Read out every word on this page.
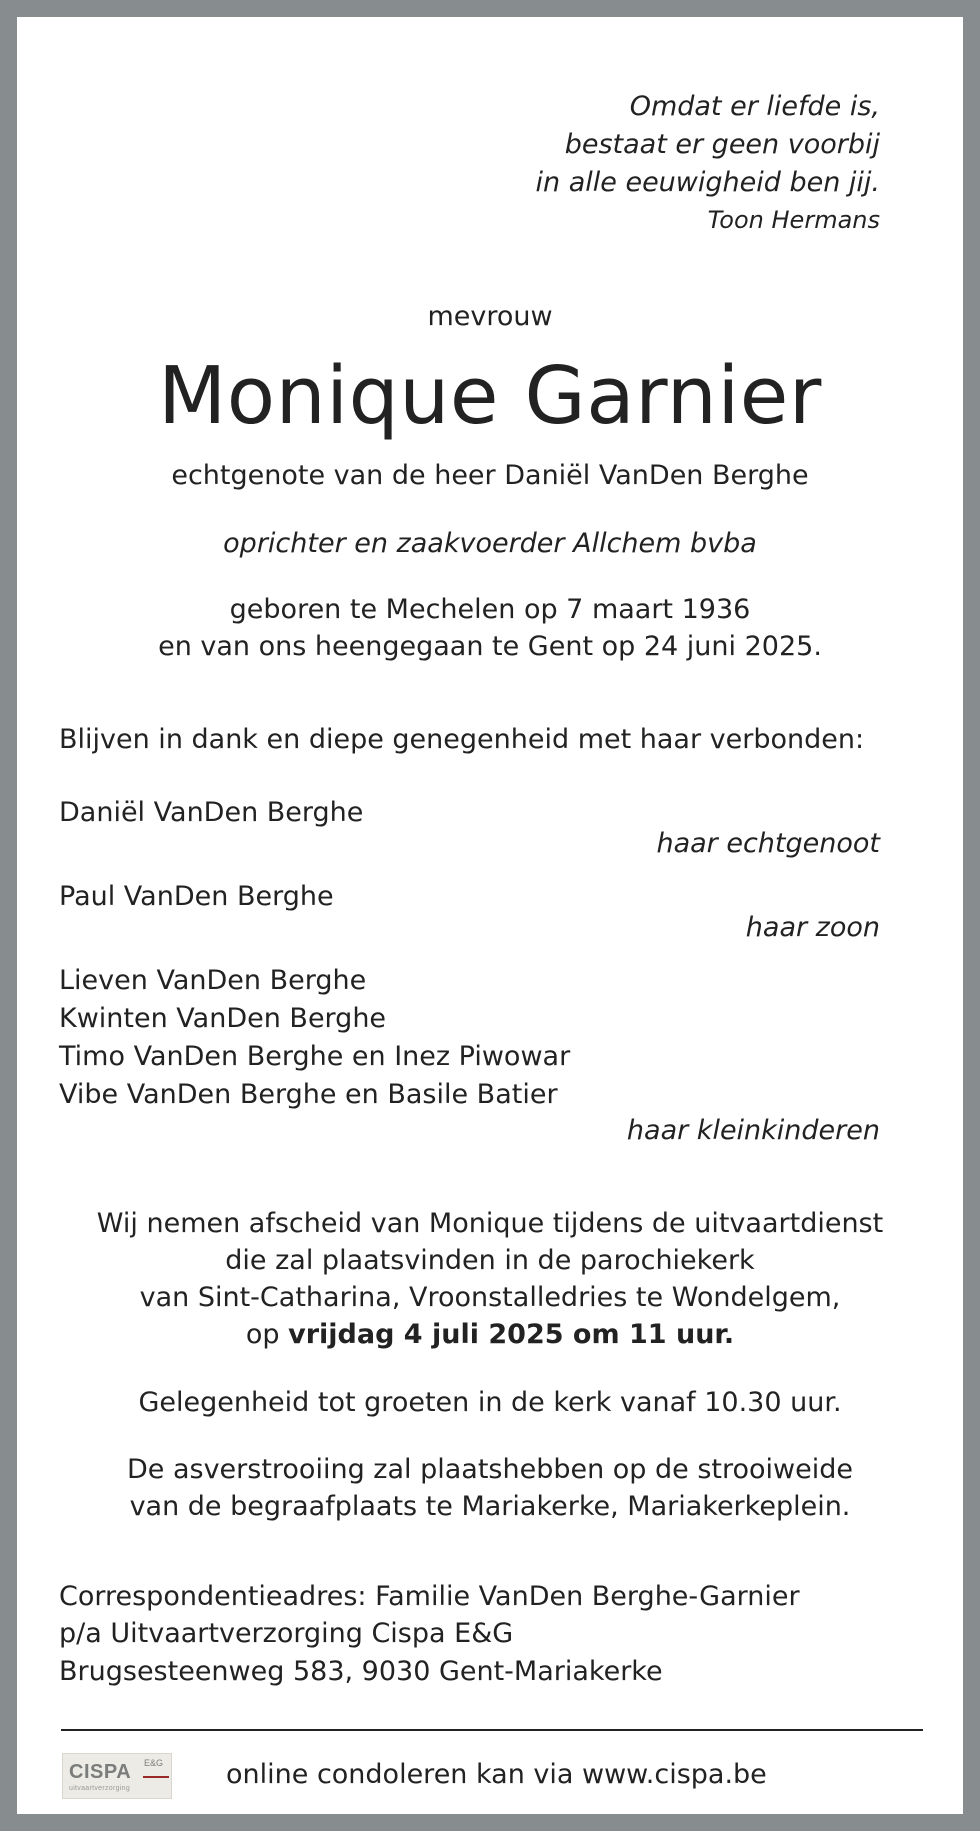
Omdat er liefde is,
bestaat er geen voorbij
in alle eeuwigheid ben jij.
Toon Hermans
mevrouw
Monique Garnier
echtgenote van de heer Daniël VanDen Berghe
oprichter en zaakvoerder Allchem bvba
geboren te Mechelen op 7 maart 1936
en van ons heengegaan te Gent op 24 juni 2025.
Blijven in dank en diepe genegenheid met haar verbonden:
Daniël VanDen Berghe
haar echtgenoot
Paul VanDen Berghe
haar zoon
Lieven VanDen Berghe
Kwinten VanDen Berghe
Timo VanDen Berghe en Inez Piwowar
Vibe VanDen Berghe en Basile Batier
haar kleinkinderen
Wij nemen afscheid van Monique tijdens de uitvaartdienst
die zal plaatsvinden in de parochiekerk
van Sint-Catharina, Vroonstalledries te Wondelgem,
op vrijdag 4 juli 2025 om 11 uur.
Gelegenheid tot groeten in de kerk vanaf 10.30 uur.
De asverstrooiing zal plaatshebben op de strooiweide
van de begraafplaats te Mariakerke, Mariakerkeplein.
Correspondentieadres: Familie VanDen Berghe-Garnier
p/a Uitvaartverzorging Cispa E&G
Brugsesteenweg 583, 9030 Gent-Mariakerke
CISPA E&G
uitvaartverzorging	online condoleren kan via www.cispa.be
